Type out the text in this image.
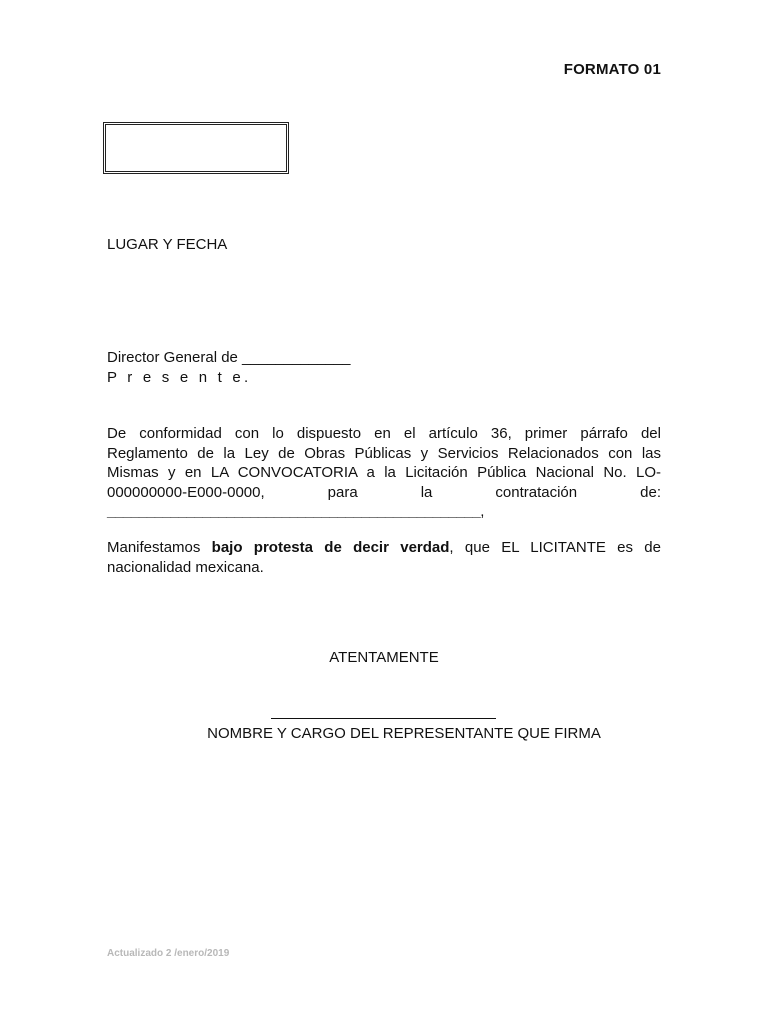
FORMATO 01
LUGAR Y FECHA
Director General de _____________
P r e s e n t e.
De conformidad con lo dispuesto en el artículo 36, primer párrafo del
Reglamento de la Ley de Obras Públicas y Servicios Relacionados con las
Mismas y en LA CONVOCATORIA a la Licitación Pública Nacional No. LO-
000000000-E000-0000, para la contratación de:
_______________________________________________,
Manifestamos bajo protesta de decir verdad, que EL LICITANTE es de
nacionalidad mexicana.
ATENTAMENTE
NOMBRE Y CARGO DEL REPRESENTANTE QUE FIRMA
Actualizado 2 /enero/2019
